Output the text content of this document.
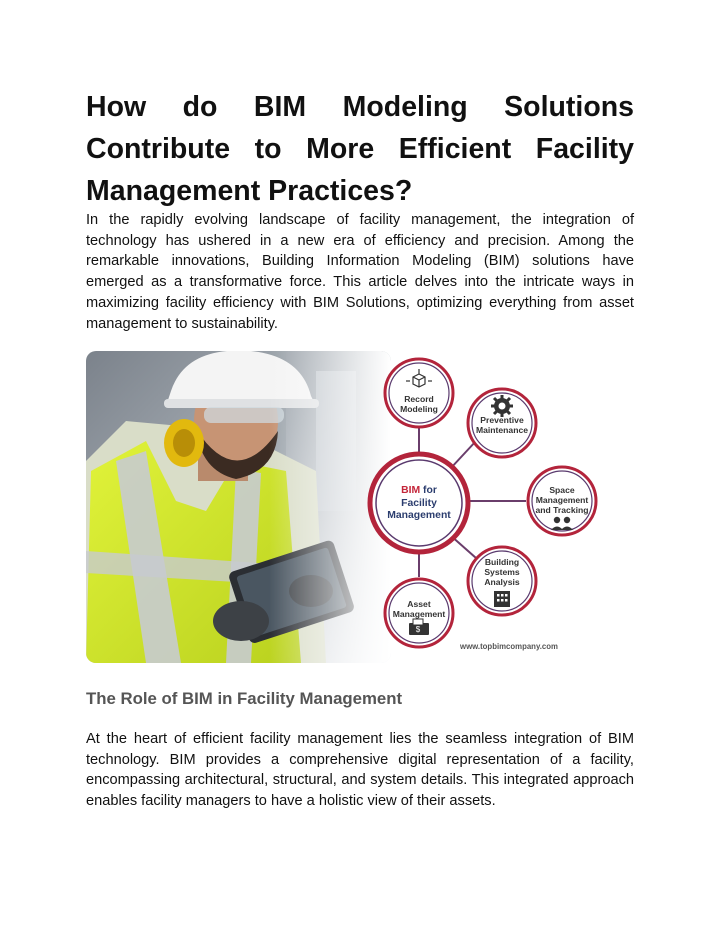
How do BIM Modeling Solutions Contribute to More Efficient Facility Management Practices?

In the rapidly evolving landscape of facility management, the integration of technology has ushered in a new era of efficiency and precision. Among the remarkable innovations, Building Information Modeling (BIM) solutions have emerged as a transformative force. This article delves into the intricate ways in maximizing facility efficiency with BIM Solutions, optimizing everything from asset management to sustainability.

$
Record
Modeling
Preventive
Maintenance
Space
Management
and Tracking
Building
Systems
Analysis
Asset
Management
BIM for
Facility
Management
www.topbimcompany.com
The Role of BIM in Facility Management

At the heart of efficient facility management lies the seamless integration of BIM technology. BIM provides a comprehensive digital representation of a facility, encompassing architectural, structural, and system details. This integrated approach enables facility managers to have a holistic view of their assets.
